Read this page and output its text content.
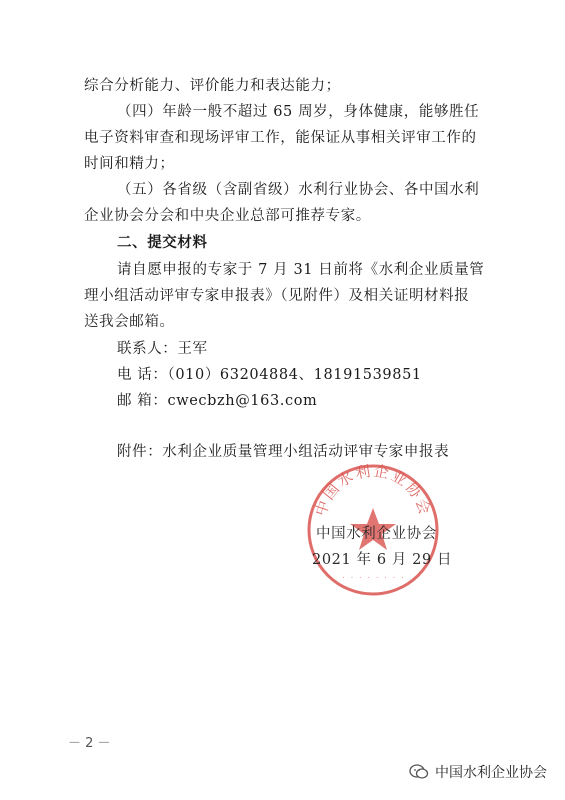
综合分析能力、评价能力和表达能力；
（四）年龄一般不超过 65 周岁，身体健康，能够胜任
电子资料审查和现场评审工作，能保证从事相关评审工作的
时间和精力；
（五）各省级（含副省级）水利行业协会、各中国水利
企业协会分会和中央企业总部可推荐专家。
二、提交材料
请自愿申报的专家于 7 月 31 日前将《水利企业质量管
理小组活动评审专家申报表》（见附件）及相关证明材料报
送我会邮箱。
联系人：王军
电 话：（010）63204884、18191539851
邮 箱：cwecbzh@163.com
附件：水利企业质量管理小组活动评审专家申报表
中国水利企业协会
· · · · · · · ·
中国水利企业协会
2021 年 6 月 29 日
－ 2 －
中国水利企业协会
